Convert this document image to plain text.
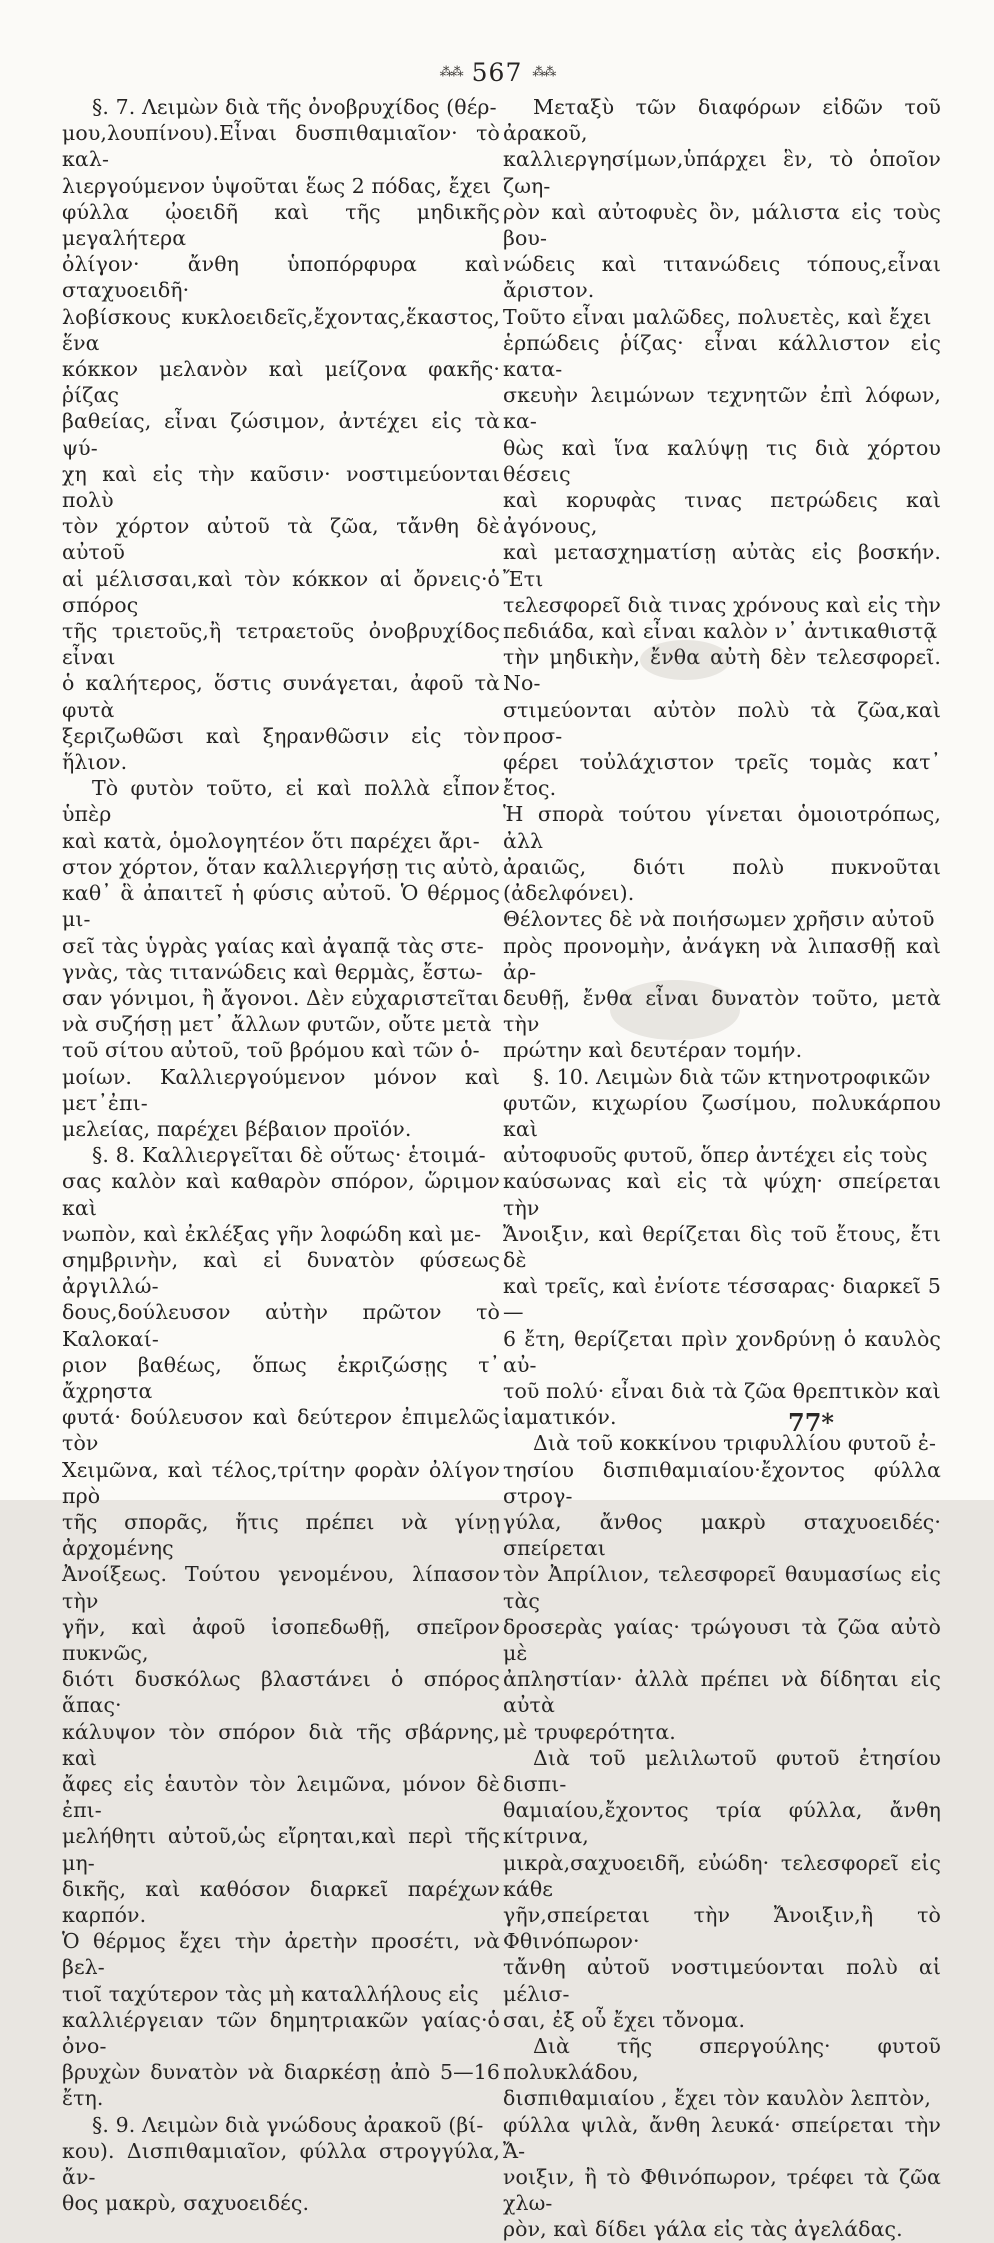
⁂⁂ 567 ⁂⁂

§. 7. Λειμὼν διὰ τῆς ὀνοβρυχίδος (θέρ-
μου,λουπίνου).Εἶναι δυσπιθαμιαῖον· τὸ καλ-
λιεργούμενον ὑψοῦται ἕως 2 πόδας, ἔχει
φύλλα ᾠοειδῆ καὶ τῆς μηδικῆς μεγαλήτερα
ὀλίγον· ἄνθη ὑποπόρφυρα καὶ σταχυοειδῆ·
λοβίσκους κυκλοειδεῖς,ἔχοντας,ἕκαστος, ἕνα
κόκκον μελανὸν καὶ μείζονα φακῆς· ῥίζας
βαθείας, εἶναι ζώσιμον, ἀντέχει εἰς τὰ ψύ-
χη καὶ εἰς τὴν καῦσιν· νοστιμεύονται πολὺ
τὸν χόρτον αὐτοῦ τὰ ζῶα, τἄνθη δὲ αὐτοῦ
αἱ μέλισσαι,καὶ τὸν κόκκον αἱ ὄρνεις·ὁ σπόρος
τῆς τριετοῦς,ἢ τετραετοῦς ὀνοβρυχίδος εἶναι
ὁ καλήτερος, ὅστις συνάγεται, ἀφοῦ τὰ φυτὰ
ξεριζωθῶσι καὶ ξηρανθῶσιν εἰς τὸν ἥλιον.

Τὸ φυτὸν τοῦτο, εἰ καὶ πολλὰ εἶπον ὑπὲρ
καὶ κατὰ, ὁμολογητέον ὅτι παρέχει ἄρι-
στον χόρτον, ὅταν καλλιεργήσῃ τις αὐτὸ,
καθ᾽ ἃ ἀπαιτεῖ ἡ φύσις αὐτοῦ. Ὁ θέρμος μι-
σεῖ τὰς ὑγρὰς γαίας καὶ ἀγαπᾷ τὰς στε-
γνὰς, τὰς τιτανώδεις καὶ θερμὰς, ἔστω-
σαν γόνιμοι, ἢ ἄγονοι. Δὲν εὐχαριστεῖται
νὰ συζήσῃ μετ᾽ ἄλλων φυτῶν, οὔτε μετὰ
τοῦ σίτου αὐτοῦ, τοῦ βρόμου καὶ τῶν ὁ-
μοίων. Καλλιεργούμενον μόνον καὶ μετ᾽ἐπι-
μελείας, παρέχει βέβαιον προϊόν.

§. 8. Καλλιεργεῖται δὲ οὕτως· ἑτοιμά-
σας καλὸν καὶ καθαρὸν σπόρον, ὥριμον καὶ
νωπὸν, καὶ ἐκλέξας γῆν λοφώδη καὶ με-
σημβρινὴν, καὶ εἰ δυνατὸν φύσεως ἀργιλλώ-
δους,δούλευσον αὐτὴν πρῶτον τὸ Καλοκαί-
ριον βαθέως, ὅπως ἐκριζώσῃς τ᾽ ἄχρηστα
φυτά· δούλευσον καὶ δεύτερον ἐπιμελῶς τὸν
Χειμῶνα, καὶ τέλος,τρίτην φορὰν ὀλίγον πρὸ
τῆς σπορᾶς, ἥτις πρέπει νὰ γίνῃ ἀρχομένης
Ἀνοίξεως. Τούτου γενομένου, λίπασον τὴν
γῆν, καὶ ἀφοῦ ἰσοπεδωθῇ, σπεῖρον πυκνῶς,
διότι δυσκόλως βλαστάνει ὁ σπόρος ἅπας·
κάλυψον τὸν σπόρον διὰ τῆς σβάρνης, καὶ
ἄφες εἰς ἑαυτὸν τὸν λειμῶνα, μόνον δὲ ἐπι-
μελήθητι αὐτοῦ,ὡς εἴρηται,καὶ περὶ τῆς μη-
δικῆς, καὶ καθόσον διαρκεῖ παρέχων καρπόν.
Ὁ θέρμος ἔχει τὴν ἀρετὴν προσέτι, νὰ βελ-
τιοῖ ταχύτερον τὰς μὴ καταλλήλους εἰς
καλλιέργειαν τῶν δημητριακῶν γαίας·ὁ ὀνο-
βρυχὼν δυνατὸν νὰ διαρκέσῃ ἀπὸ 5—16 ἔτη.

§. 9. Λειμὼν διὰ γνώδους ἀρακοῦ (βί-
κου). Δισπιθαμιαῖον, φύλλα στρογγύλα, ἄν-
θος μακρὺ, σαχυοειδές.

Μεταξὺ τῶν διαφόρων εἰδῶν τοῦ ἀρακοῦ,
καλλιεργησίμων,ὑπάρχει ἓν, τὸ ὁποῖον ζωη-
ρὸν καὶ αὐτοφυὲς ὂν, μάλιστα εἰς τοὺς βου-
νώδεις καὶ τιτανώδεις τόπους,εἶναι ἄριστον.
Τοῦτο εἶναι μαλῶδες, πολυετὲς, καὶ ἔχει
ἑρπώδεις ῥίζας· εἶναι κάλλιστον εἰς κατα-
σκευὴν λειμώνων τεχνητῶν ἐπὶ λόφων, κα-
θὼς καὶ ἵνα καλύψῃ τις διὰ χόρτου θέσεις
καὶ κορυφὰς τινας πετρώδεις καὶ ἀγόνους,
καὶ μετασχηματίσῃ αὐτὰς εἰς βοσκήν. Ἔτι
τελεσφορεῖ διὰ τινας χρόνους καὶ εἰς τὴν
πεδιάδα, καὶ εἶναι καλὸν ν᾽ ἀντικαθιστᾷ
τὴν μηδικὴν, ἔνθα αὐτὴ δὲν τελεσφορεῖ. Νο-
στιμεύονται αὐτὸν πολὺ τὰ ζῶα,καὶ προσ-
φέρει τοὐλάχιστον τρεῖς τομὰς κατ᾽ ἔτος.
Ἡ σπορὰ τούτου γίνεται ὁμοιοτρόπως, ἀλλ
ἀραιῶς, διότι πολὺ πυκνοῦται (ἀδελφόνει).
Θέλοντες δὲ νὰ ποιήσωμεν χρῆσιν αὐτοῦ
πρὸς προνομὴν, ἀνάγκη νὰ λιπασθῇ καὶ ἀρ-
δευθῇ, ἔνθα εἶναι δυνατὸν τοῦτο, μετὰ τὴν
πρώτην καὶ δευτέραν τομήν.

§. 10. Λειμὼν διὰ τῶν κτηνοτροφικῶν
φυτῶν, κιχωρίου ζωσίμου, πολυκάρπου καὶ
αὐτοφυοῦς φυτοῦ, ὅπερ ἀντέχει εἰς τοὺς
καύσωνας καὶ εἰς τὰ ψύχη· σπείρεται τὴν
Ἄνοιξιν, καὶ θερίζεται δὶς τοῦ ἔτους, ἔτι δὲ
καὶ τρεῖς, καὶ ἐνίοτε τέσσαρας· διαρκεῖ 5—
6 ἔτη, θερίζεται πρὶν χονδρύνῃ ὁ καυλὸς αὐ-
τοῦ πολύ· εἶναι διὰ τὰ ζῶα θρεπτικὸν καὶ
ἰαματικόν.

Διὰ τοῦ κοκκίνου τριφυλλίου φυτοῦ ἐ-
τησίου δισπιθαμιαίου·ἔχοντος φύλλα στρογ-
γύλα, ἄνθος μακρὺ σταχυοειδές· σπείρεται
τὸν Ἀπρίλιον, τελεσφορεῖ θαυμασίως εἰς τὰς
δροσερὰς γαίας· τρώγουσι τὰ ζῶα αὐτὸ μὲ
ἀπληστίαν· ἀλλὰ πρέπει νὰ δίδηται εἰς αὐτὰ
μὲ τρυφερότητα.

Διὰ τοῦ μελιλωτοῦ φυτοῦ ἐτησίου δισπι-
θαμιαίου,ἔχοντος τρία φύλλα, ἄνθη κίτρινα,
μικρὰ,σαχυοειδῆ, εὐώδη· τελεσφορεῖ εἰς κάθε
γῆν,σπείρεται τὴν Ἄνοιξιν,ἢ τὸ Φθινόπωρον·
τἄνθη αὐτοῦ νοστιμεύονται πολὺ αἱ μέλισ-
σαι, ἐξ οὗ ἔχει τὄνομα.

Διὰ τῆς σπεργούλης· φυτοῦ πολυκλάδου,
δισπιθαμιαίου , ἔχει τὸν καυλὸν λεπτὸν,
φύλλα ψιλὰ, ἄνθη λευκά· σπείρεται τὴν Ἄ-
νοιξιν, ἢ τὸ Φθινόπωρον, τρέφει τὰ ζῶα χλω-
ρὸν, καὶ δίδει γάλα εἰς τὰς ἀγελάδας.

77*
